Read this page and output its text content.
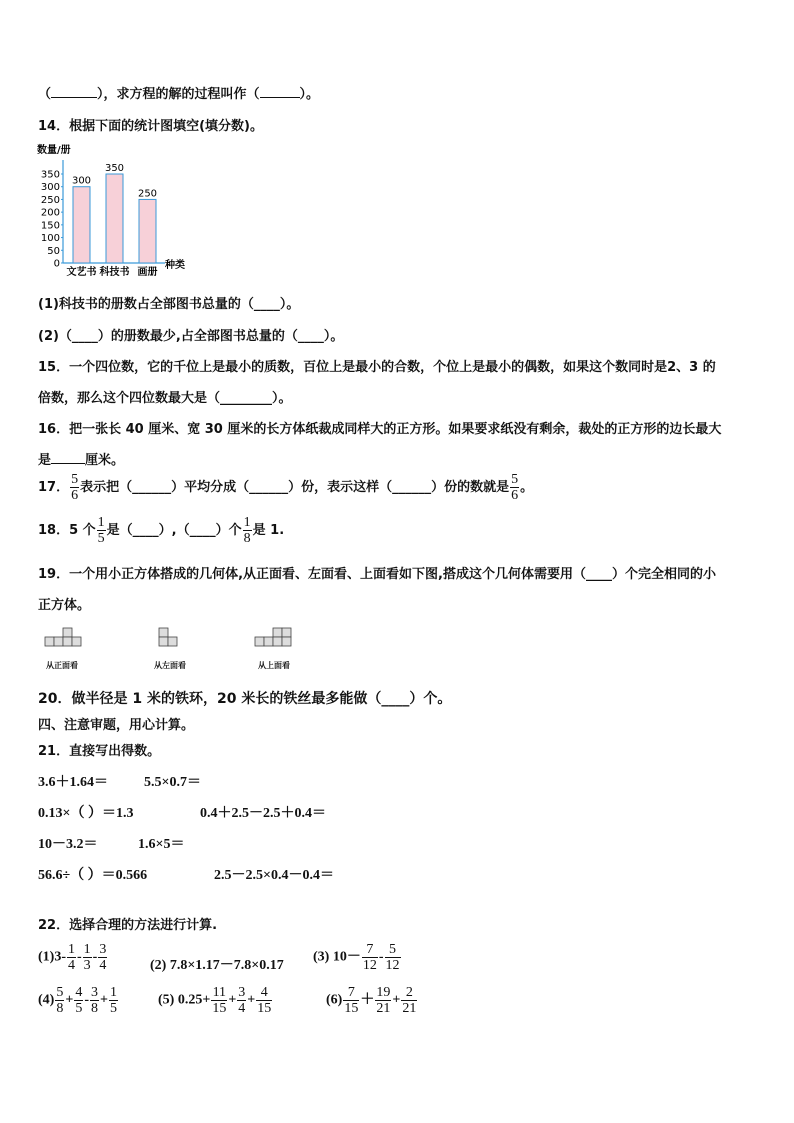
（	），求方程的解的过程叫作（	）。
14．根据下面的统计图填空(填分数)。
数量/册
350
300
250
200
150
100
50
0
300
文艺书
350
科技书
250
画册
种类
(1)科技书的册数占全部图书总量的（____）。
(2)（____）的册数最少,占全部图书总量的（____）。
15．一个四位数，它的千位上是最小的质数，百位上是最小的合数，个位上是最小的偶数，如果这个数同时是2、3 的
倍数，那么这个四位数最大是（________）。
16．把一张长 40 厘米、宽 30 厘米的长方体纸裁成同样大的正方形。如果要求纸没有剩余，裁处的正方形的边长最大
是	厘米。
17． $\frac{5}{6}$ 表示把（______）平均分成（______）份，表示这样（______）份的数就是 $\frac{5}{6}$ 。
18．5 个 $\frac{1}{5}$ 是（____）,（____）个 $\frac{1}{8}$ 是 1.
19．一个用小正方体搭成的几何体,从正面看、左面看、上面看如下图,搭成这个几何体需要用（____）个完全相同的小
正方体。
从正面看	从左面看	从上面看
20．做半径是 1 米的铁环，20 米长的铁丝最多能做（____）个。
四、注意审题，用心计算。
21．直接写出得数。
3.6＋1.64＝	5.5×0.7＝
0.13×（ ）＝1.3	0.4＋2.5－2.5＋0.4＝
10－3.2＝	1.6×5＝
56.6÷（ ）＝0.566	2.5－2.5×0.4－0.4＝
22．选择合理的方法进行计算.
$(1)3- \frac{1}{4} - \frac{1}{3} - \frac{3}{4}$	(2) 7.8×1.17－7.8×0.17
(3) $10- \frac{7}{12} - \frac{5}{12}$
$(4) \frac{5}{8} + \frac{4}{5} - \frac{3}{8} + \frac{1}{5}$	(5) $0.25+ \frac{11}{15} + \frac{3}{4} + \frac{4}{15}$	$(6) \frac{7}{15} + \frac{19}{21} + \frac{2}{21}$
